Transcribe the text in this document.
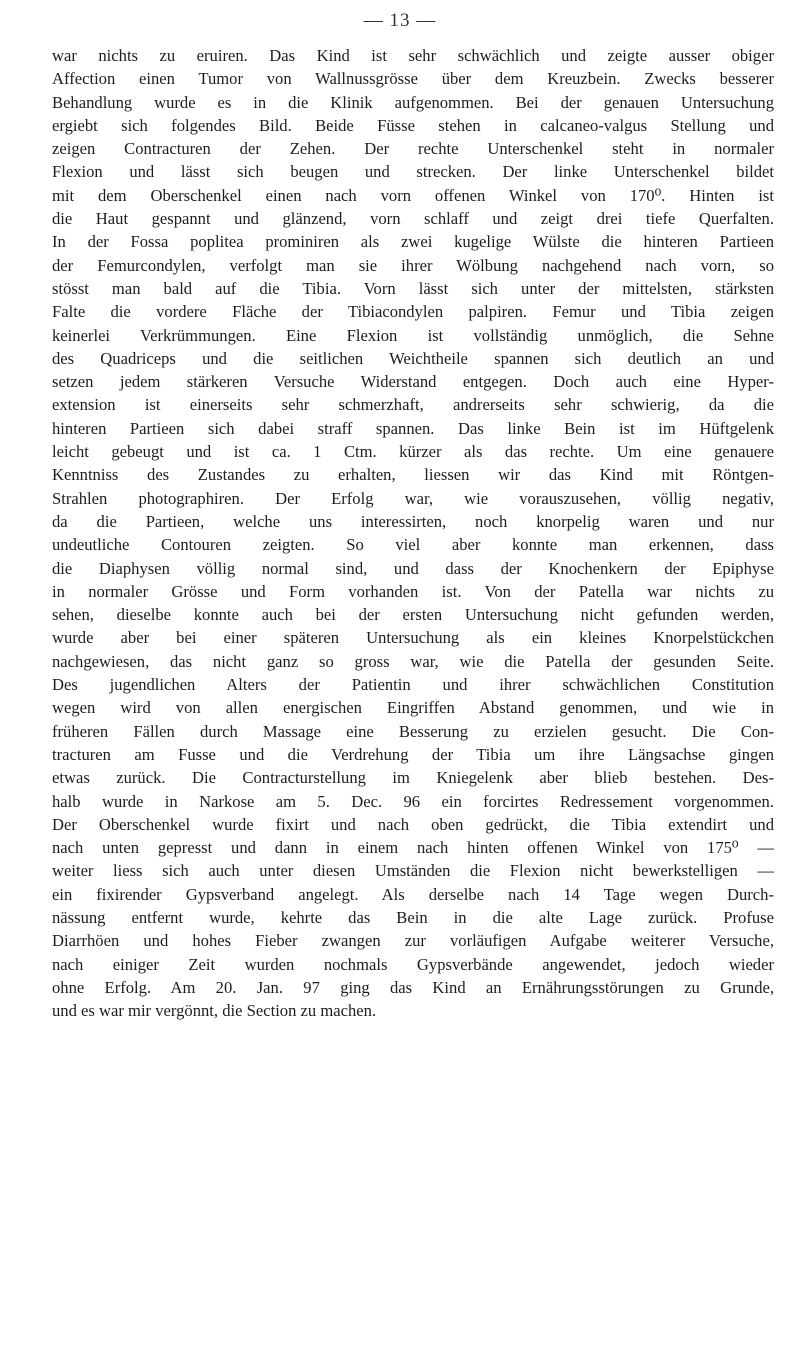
— 13 —
war nichts zu eruiren. Das Kind ist sehr schwächlich und zeigte ausser obiger
Affection einen Tumor von Wallnussgrösse über dem Kreuzbein. Zwecks besserer
Behandlung wurde es in die Klinik aufgenommen. Bei der genauen Untersuchung
ergiebt sich folgendes Bild. Beide Füsse stehen in calcaneo-valgus Stellung und
zeigen Contracturen der Zehen. Der rechte Unterschenkel steht in normaler
Flexion und lässt sich beugen und strecken. Der linke Unterschenkel bildet
mit dem Oberschenkel einen nach vorn offenen Winkel von 170⁰. Hinten ist
die Haut gespannt und glänzend, vorn schlaff und zeigt drei tiefe Querfalten.
In der Fossa poplitea prominiren als zwei kugelige Wülste die hinteren Partieen
der Femurcondylen, verfolgt man sie ihrer Wölbung nachgehend nach vorn, so
stösst man bald auf die Tibia. Vorn lässt sich unter der mittelsten, stärksten
Falte die vordere Fläche der Tibiacondylen palpiren. Femur und Tibia zeigen
keinerlei Verkrümmungen. Eine Flexion ist vollständig unmöglich, die Sehne
des Quadriceps und die seitlichen Weichtheile spannen sich deutlich an und
setzen jedem stärkeren Versuche Widerstand entgegen. Doch auch eine Hyper-
extension ist einerseits sehr schmerzhaft, andrerseits sehr schwierig, da die
hinteren Partieen sich dabei straff spannen. Das linke Bein ist im Hüftgelenk
leicht gebeugt und ist ca. 1 Ctm. kürzer als das rechte. Um eine genauere
Kenntniss des Zustandes zu erhalten, liessen wir das Kind mit Röntgen-
Strahlen photographiren. Der Erfolg war, wie vorauszusehen, völlig negativ,
da die Partieen, welche uns interessirten, noch knorpelig waren und nur
undeutliche Contouren zeigten. So viel aber konnte man erkennen, dass
die Diaphysen völlig normal sind, und dass der Knochenkern der Epiphyse
in normaler Grösse und Form vorhanden ist. Von der Patella war nichts zu
sehen, dieselbe konnte auch bei der ersten Untersuchung nicht gefunden werden,
wurde aber bei einer späteren Untersuchung als ein kleines Knorpelstückchen
nachgewiesen, das nicht ganz so gross war, wie die Patella der gesunden Seite.
Des jugendlichen Alters der Patientin und ihrer schwächlichen Constitution
wegen wird von allen energischen Eingriffen Abstand genommen, und wie in
früheren Fällen durch Massage eine Besserung zu erzielen gesucht. Die Con-
tracturen am Fusse und die Verdrehung der Tibia um ihre Längsachse gingen
etwas zurück. Die Contracturstellung im Kniegelenk aber blieb bestehen. Des-
halb wurde in Narkose am 5. Dec. 96 ein forcirtes Redressement vorgenommen.
Der Oberschenkel wurde fixirt und nach oben gedrückt, die Tibia extendirt und
nach unten gepresst und dann in einem nach hinten offenen Winkel von 175⁰ —
weiter liess sich auch unter diesen Umständen die Flexion nicht bewerkstelligen —
ein fixirender Gypsverband angelegt. Als derselbe nach 14 Tage wegen Durch-
nässung entfernt wurde, kehrte das Bein in die alte Lage zurück. Profuse
Diarrhöen und hohes Fieber zwangen zur vorläufigen Aufgabe weiterer Versuche,
nach einiger Zeit wurden nochmals Gypsverbände angewendet, jedoch wieder
ohne Erfolg. Am 20. Jan. 97 ging das Kind an Ernährungsstörungen zu Grunde,
und es war mir vergönnt, die Section zu machen.
